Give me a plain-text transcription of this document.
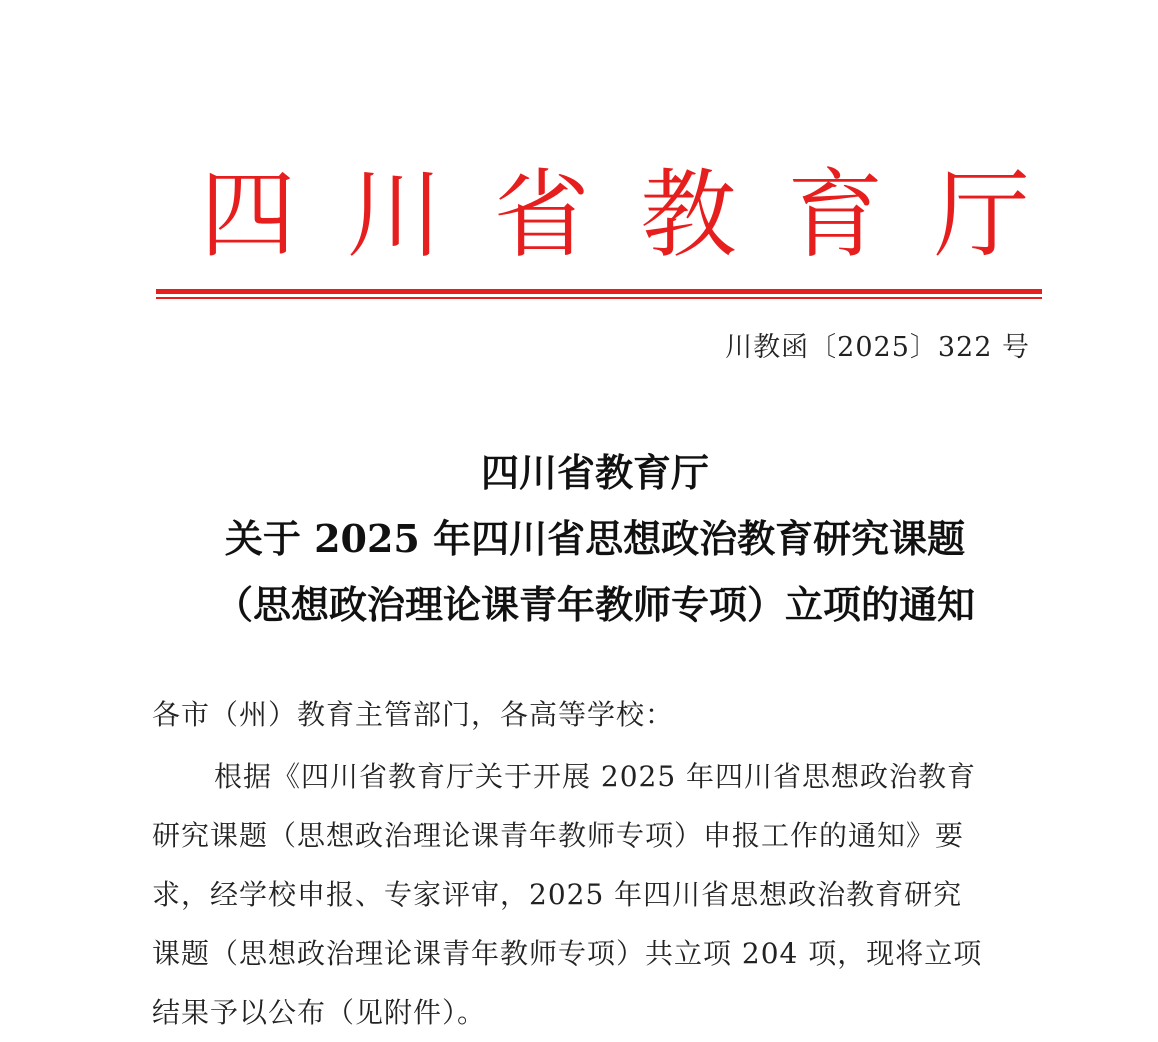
四 川 省 教 育 厅
川教函〔2025〕322 号
四川省教育厅
关于 2025 年四川省思想政治教育研究课题
（思想政治理论课青年教师专项）立项的通知
各市（州）教育主管部门，各高等学校：
根据《四川省教育厅关于开展 2025 年四川省思想政治教育
研究课题（思想政治理论课青年教师专项）申报工作的通知》要
求，经学校申报、专家评审，2025 年四川省思想政治教育研究
课题（思想政治理论课青年教师专项）共立项 204 项，现将立项
结果予以公布（见附件）。
